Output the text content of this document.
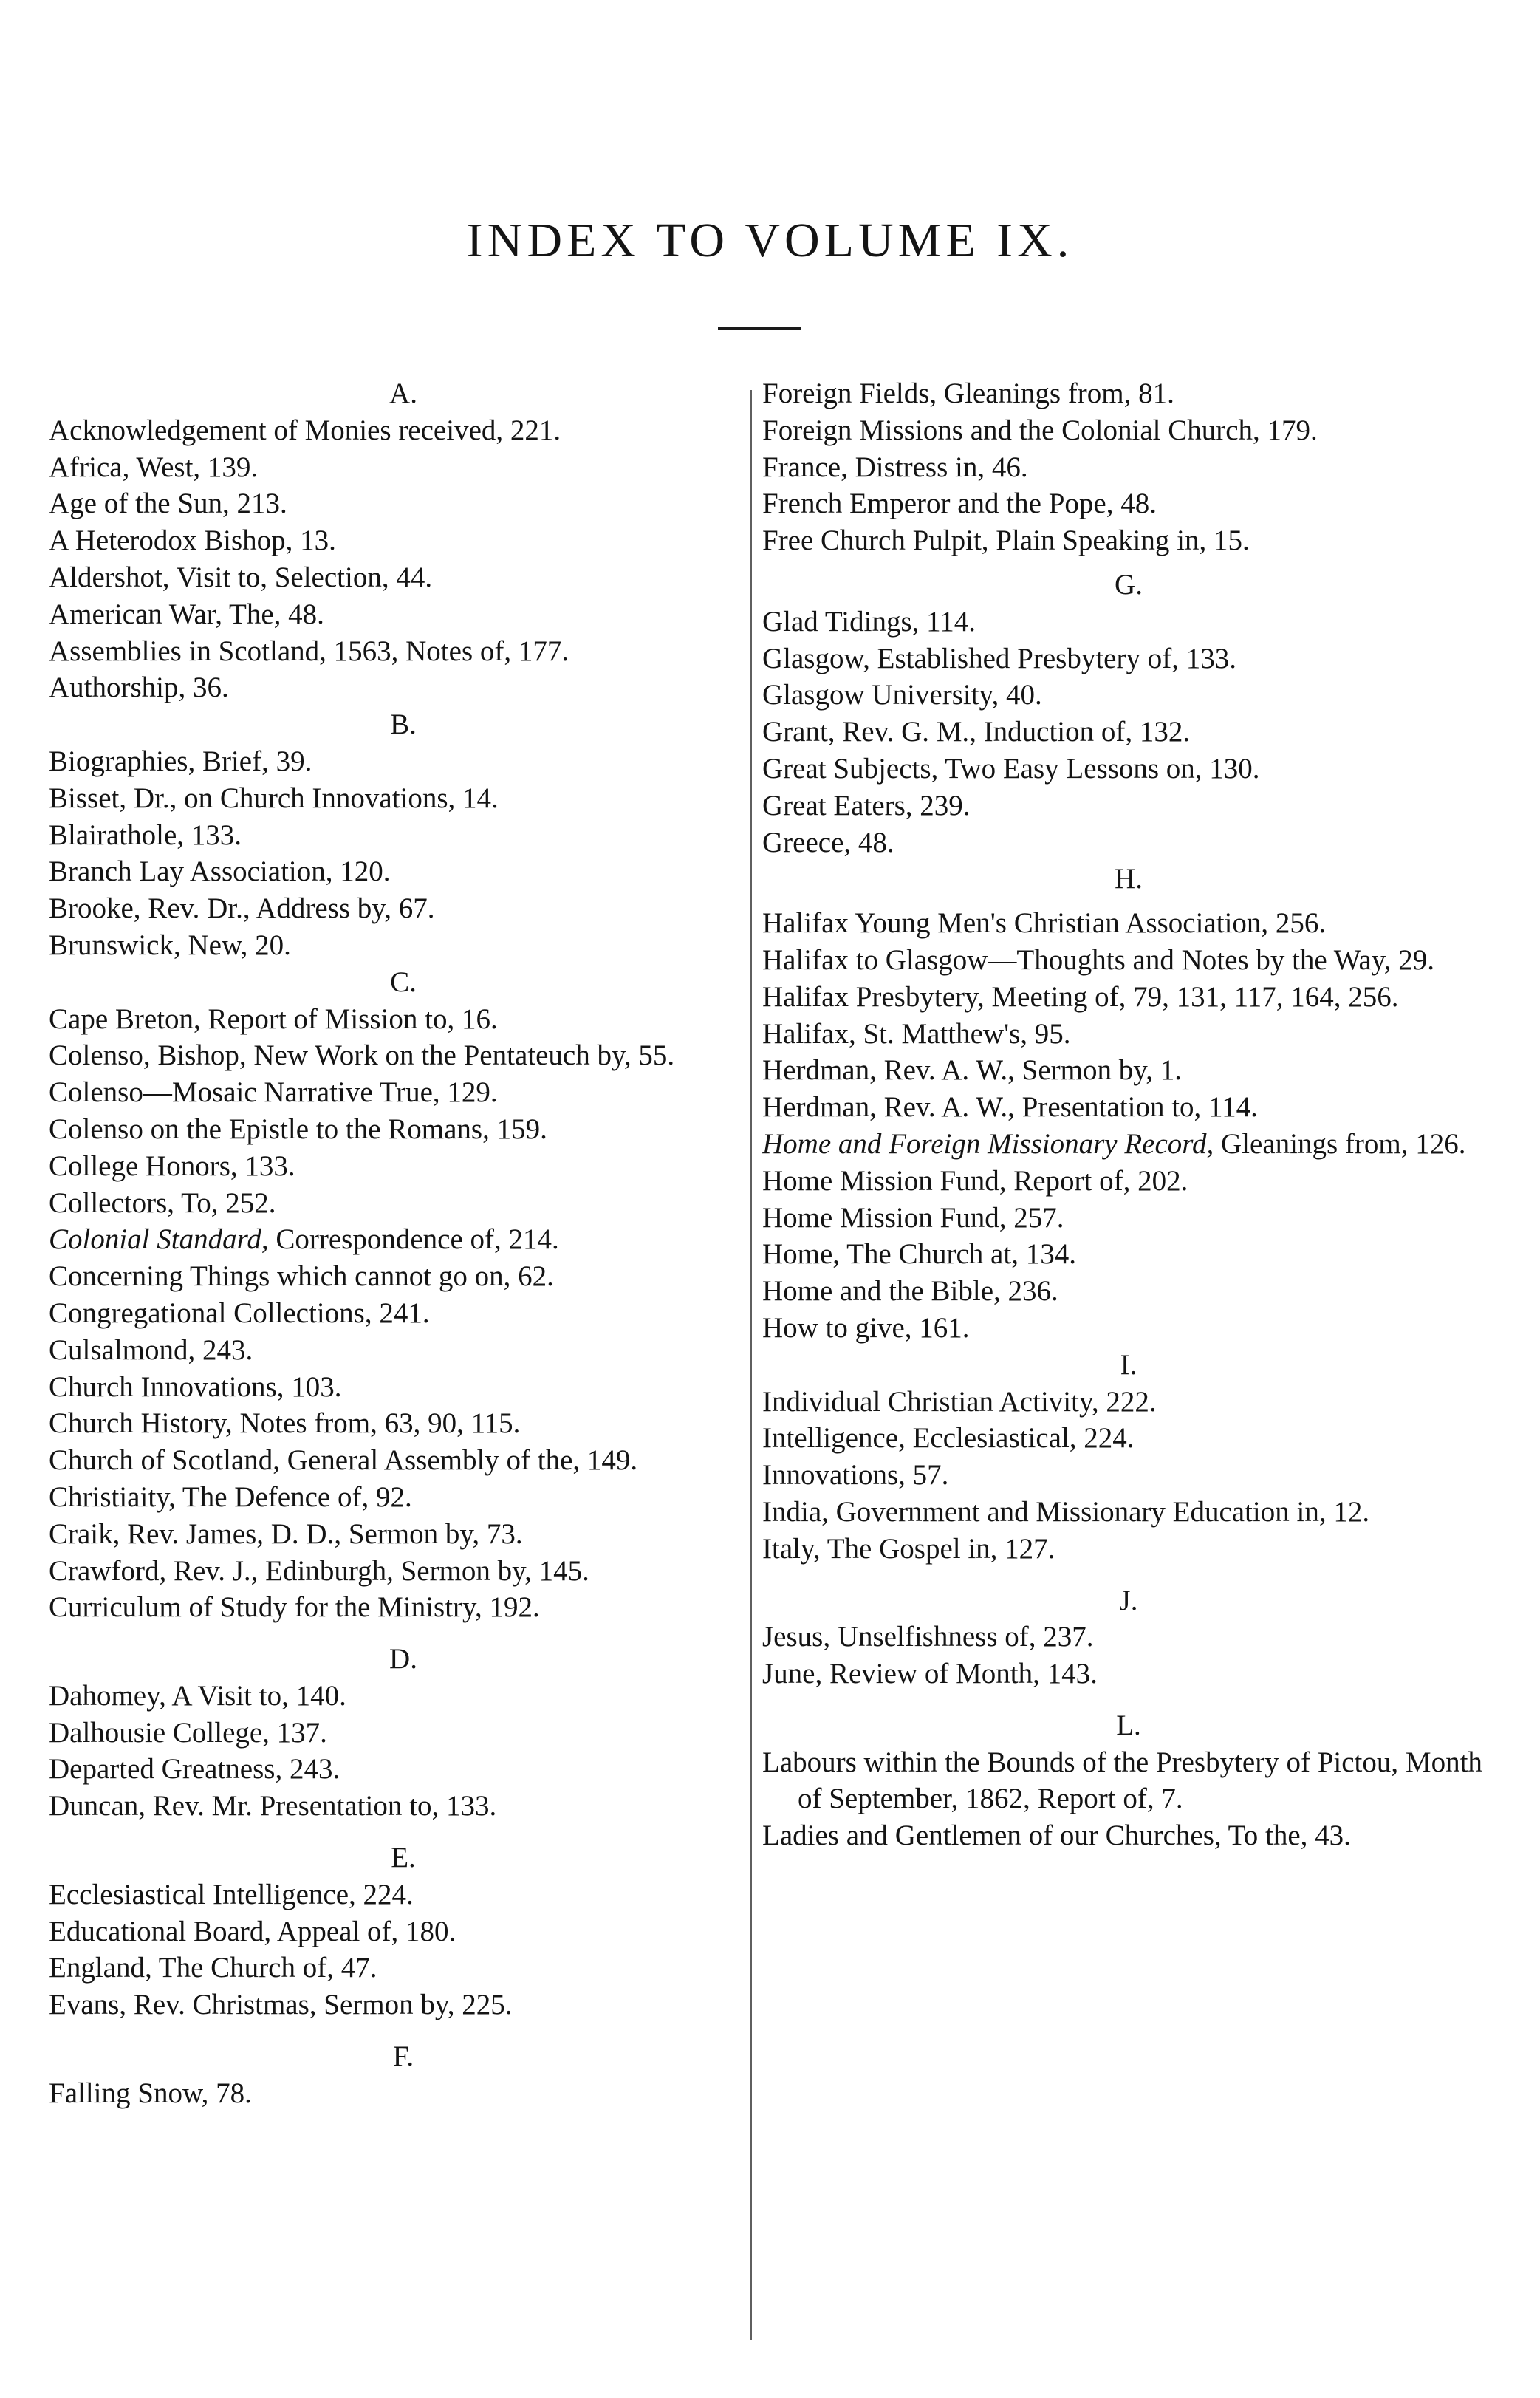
INDEX TO VOLUME IX.
A.
Acknowledgement of Monies received, 221.
Africa, West, 139.
Age of the Sun, 213.
A Heterodox Bishop, 13.
Aldershot, Visit to, Selection, 44.
American War, The, 48.
Assemblies in Scotland, 1563, Notes of, 177.
Authorship, 36.
B.
Biographies, Brief, 39.
Bisset, Dr., on Church Innovations, 14.
Blairathole, 133.
Branch Lay Association, 120.
Brooke, Rev. Dr., Address by, 67.
Brunswick, New, 20.
C.
Cape Breton, Report of Mission to, 16.
Colenso, Bishop, New Work on the Pentateuch by, 55.
Colenso—Mosaic Narrative True, 129.
Colenso on the Epistle to the Romans, 159.
College Honors, 133.
Collectors, To, 252.
Colonial Standard, Correspondence of, 214.
Concerning Things which cannot go on, 62.
Congregational Collections, 241.
Culsalmond, 243.
Church Innovations, 103.
Church History, Notes from, 63, 90, 115.
Church of Scotland, General Assembly of the, 149.
Christiaity, The Defence of, 92.
Craik, Rev. James, D. D., Sermon by, 73.
Crawford, Rev. J., Edinburgh, Sermon by, 145.
Curriculum of Study for the Ministry, 192.
D.
Dahomey, A Visit to, 140.
Dalhousie College, 137.
Departed Greatness, 243.
Duncan, Rev. Mr. Presentation to, 133.
E.
Ecclesiastical Intelligence, 224.
Educational Board, Appeal of, 180.
England, The Church of, 47.
Evans, Rev. Christmas, Sermon by, 225.
F.
Falling Snow, 78.
Foreign Fields, Gleanings from, 81.
Foreign Missions and the Colonial Church, 179.
France, Distress in, 46.
French Emperor and the Pope, 48.
Free Church Pulpit, Plain Speaking in, 15.
G.
Glad Tidings, 114.
Glasgow, Established Presbytery of, 133.
Glasgow University, 40.
Grant, Rev. G. M., Induction of, 132.
Great Subjects, Two Easy Lessons on, 130.
Great Eaters, 239.
Greece, 48.
H.
Halifax Young Men's Christian Association, 256.
Halifax to Glasgow—Thoughts and Notes by the Way, 29.
Halifax Presbytery, Meeting of, 79, 131, 117, 164, 256.
Halifax, St. Matthew's, 95.
Herdman, Rev. A. W., Sermon by, 1.
Herdman, Rev. A. W., Presentation to, 114.
Home and Foreign Missionary Record, Gleanings from, 126.
Home Mission Fund, Report of, 202.
Home Mission Fund, 257.
Home, The Church at, 134.
Home and the Bible, 236.
How to give, 161.
I.
Individual Christian Activity, 222.
Intelligence, Ecclesiastical, 224.
Innovations, 57.
India, Government and Missionary Education in, 12.
Italy, The Gospel in, 127.
J.
Jesus, Unselfishness of, 237.
June, Review of Month, 143.
L.
Labours within the Bounds of the Presbytery of Pictou, Month of September, 1862, Report of, 7.
Ladies and Gentlemen of our Churches, To the, 43.
